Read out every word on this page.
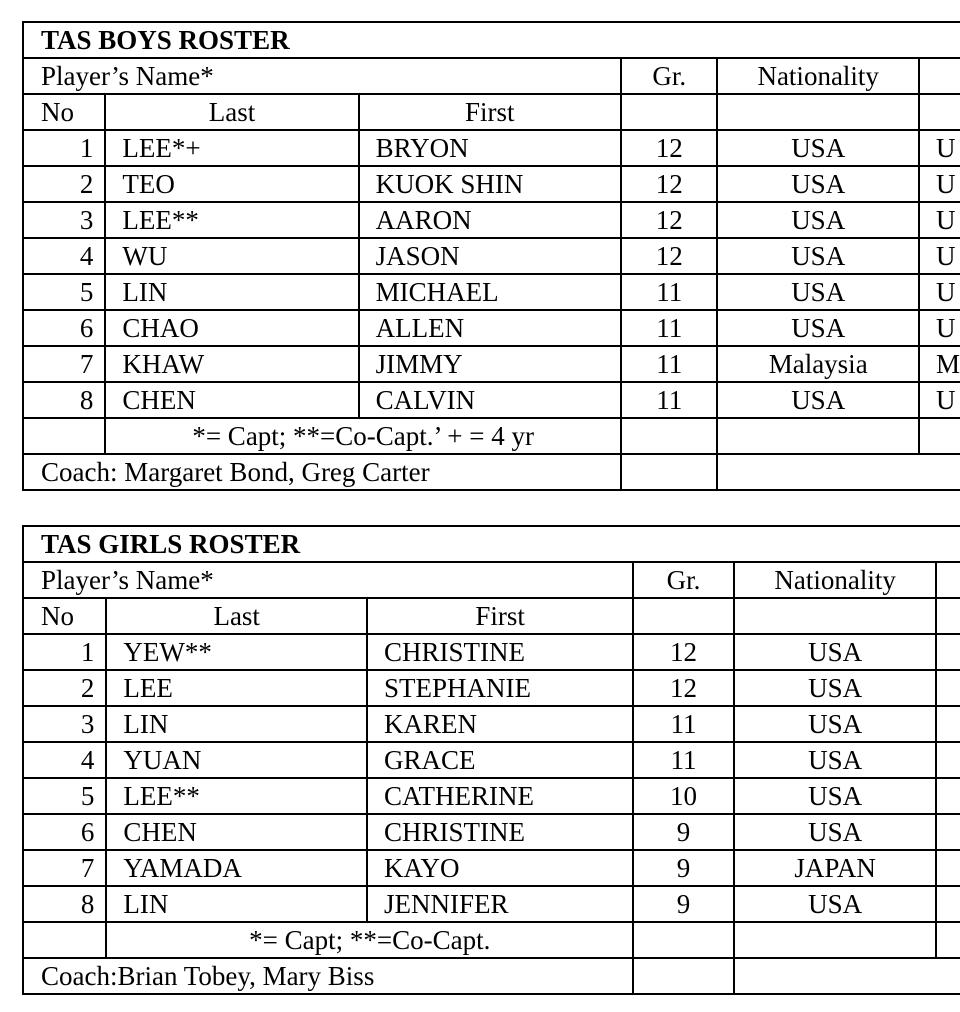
TAS BOYS ROSTER					
Player’s Name*			Gr.	Nationality	
No	Last	First			
1	LEE*+	BRYON	12	USA	U
2	TEO	KUOK SHIN	12	USA	U
3	LEE**	AARON	12	USA	U
4	WU	JASON	12	USA	U
5	LIN	MICHAEL	11	USA	U
6	CHAO	ALLEN	11	USA	U
7	KHAW	JIMMY	11	Malaysia	M
8	CHEN	CALVIN	11	USA	U
	*= Capt; **=Co-Capt.’ + = 4 yr				
Coach: Margaret Bond, Greg Carter					
TAS GIRLS ROSTER					
Player’s Name*			Gr.	Nationality	
No	Last	First			
1	YEW**	CHRISTINE	12	USA	
2	LEE	STEPHANIE	12	USA	
3	LIN	KAREN	11	USA	
4	YUAN	GRACE	11	USA	
5	LEE**	CATHERINE	10	USA	
6	CHEN	CHRISTINE	9	USA	
7	YAMADA	KAYO	9	JAPAN	
8	LIN	JENNIFER	9	USA	
	*= Capt; **=Co-Capt.				
Coach:Brian Tobey, Mary Biss					
